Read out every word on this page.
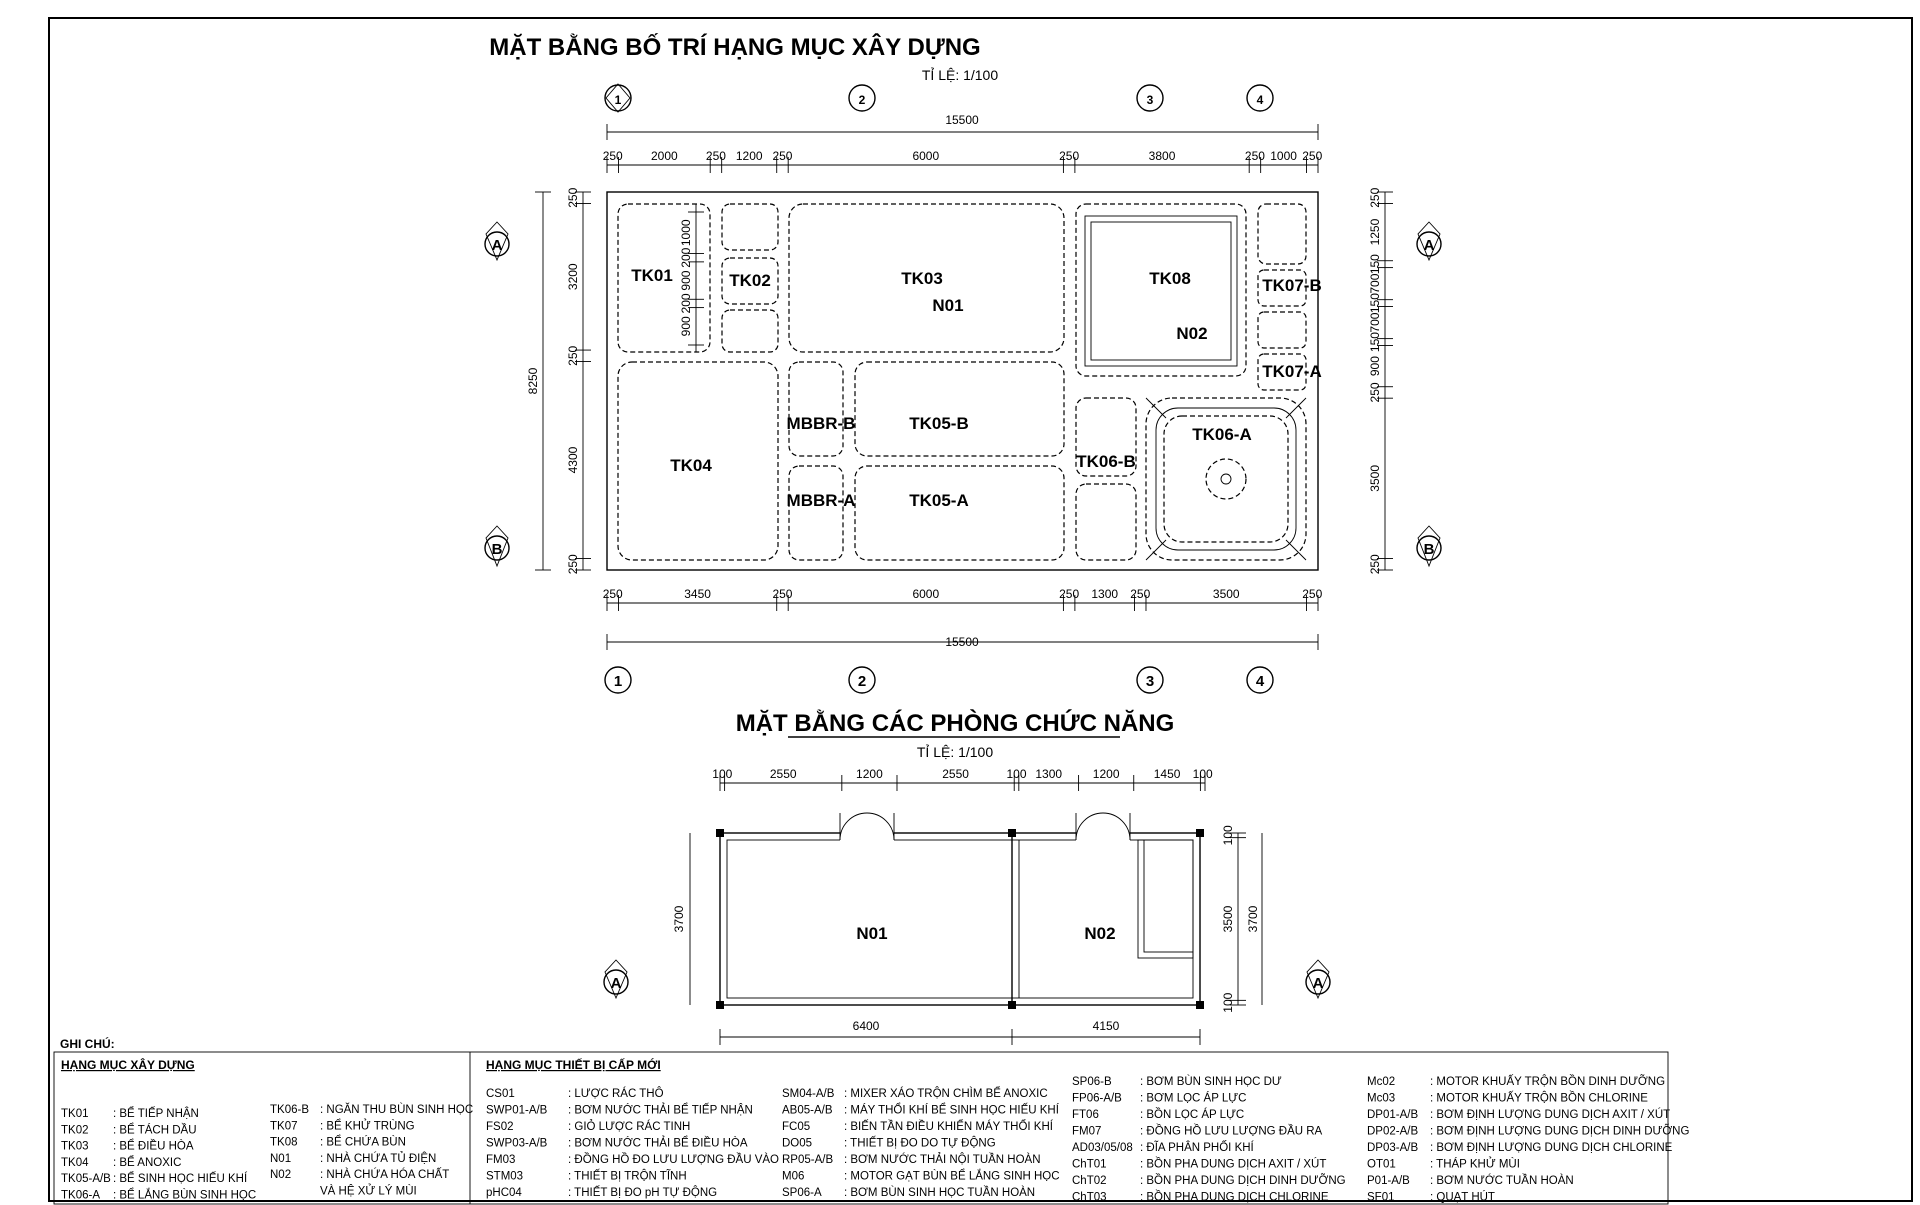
MẶT BẰNG BỐ TRÍ HẠNG MỤC XÂY DỰNG
TỈ LỆ: 1/100
1	2	3	4
15500
250 2000 250 1200 250	6000	250	3800	250 1000 250
TK01	TK02	TK03
N01
TK08
N02
TK07-B
TK07-A
TK04
MBBR-B	TK05-B
MBBR-A	TK05-A
TK06-B
TK06-A
8250
250
3200
250
4300
250
1000
200
900
200
900
250
1250
150
700
150
700
150
900
250
3500
250
A	A
B	B
250	3450	250	6000	250 1300 250	3500	250
15500
1	2	3	4
MẶT BẰNG CÁC PHÒNG CHỨC NĂNG
TỈ LỆ: 1/100
100	2550	1200	2550	100 1300	1200	1450 100
N01	N02
3700
100
3500
100
3700
6400	4150
A	A
GHI CHÚ:
HẠNG MỤC XÂY DỰNG	HẠNG MỤC THIẾT BỊ CẤP MỚI
TK01 : BỂ TIẾP NHẬN
TK02 : BỂ TÁCH DẦU
TK03 : BỂ ĐIỀU HÒA
TK04 : BỂ ANOXIC
TK05-A/B : BỂ SINH HỌC HIẾU KHÍ
TK06-A : BỂ LẮNG BÙN SINH HỌC
TK06-B : NGĂN THU BÙN SINH HỌC
TK07 : BỂ KHỬ TRÙNG
TK08 : BỂ CHỨA BÙN
N01	: NHÀ CHỨA TỦ ĐIỆN
N02	: NHÀ CHỨA HÓA CHẤT
VÀ HỆ XỬ LÝ MÙI
CS01	: LƯỢC RÁC THÔ
SWP01-A/B : BƠM NƯỚC THẢI BỂ TIẾP NHẬN
FS02	: GIỎ LƯỢC RÁC TINH
SWP03-A/B : BƠM NƯỚC THẢI BỂ ĐIỀU HÒA
FM03	: ĐỒNG HỒ ĐO LƯU LƯỢNG ĐẦU VÀO
STM03	: THIẾT BỊ TRỘN TĨNH
pHC04	: THIẾT BỊ ĐO pH TỰ ĐỘNG
SM04-A/B : MIXER XÁO TRỘN CHÌM BỂ ANOXIC
AB05-A/B : MÁY THỔI KHÍ BỂ SINH HỌC HIẾU KHÍ
FC05	: BIẾN TẦN ĐIỀU KHIỂN MÁY THỔI KHÍ
DO05	: THIẾT BỊ ĐO DO TỰ ĐỘNG
RP05-A/B : BƠM NƯỚC THẢI NỘI TUẦN HOÀN
M06	: MOTOR GẠT BÙN BỂ LẮNG SINH HỌC
SP06-A : BƠM BÙN SINH HỌC TUẦN HOÀN
SP06-B : BƠM BÙN SINH HỌC DƯ
FP06-A/B : BƠM LỌC ÁP LỰC
FT06	: BỒN LỌC ÁP LỰC
FM07	: ĐỒNG HỒ LƯU LƯỢNG ĐẦU RA
AD03/05/08 : ĐĨA PHÂN PHỐI KHÍ
ChT01	: BỒN PHA DUNG DỊCH AXIT / XÚT
ChT02	: BỒN PHA DUNG DỊCH DINH DƯỠNG
ChT03	: BỒN PHA DUNG DỊCH CHLORINE
Mc02	: MOTOR KHUẤY TRỘN BỒN DINH DƯỠNG
Mc03	: MOTOR KHUẤY TRỘN BỒN CHLORINE
DP01-A/B : BƠM ĐỊNH LƯỢNG DUNG DỊCH AXIT / XÚT
DP02-A/B : BƠM ĐỊNH LƯỢNG DUNG DỊCH DINH DƯỠNG
DP03-A/B : BƠM ĐỊNH LƯỢNG DUNG DỊCH CHLORINE
OT01	: THÁP KHỬ MÙI
P01-A/B : BƠM NƯỚC TUẦN HOÀN
SF01	: QUẠT HÚT
